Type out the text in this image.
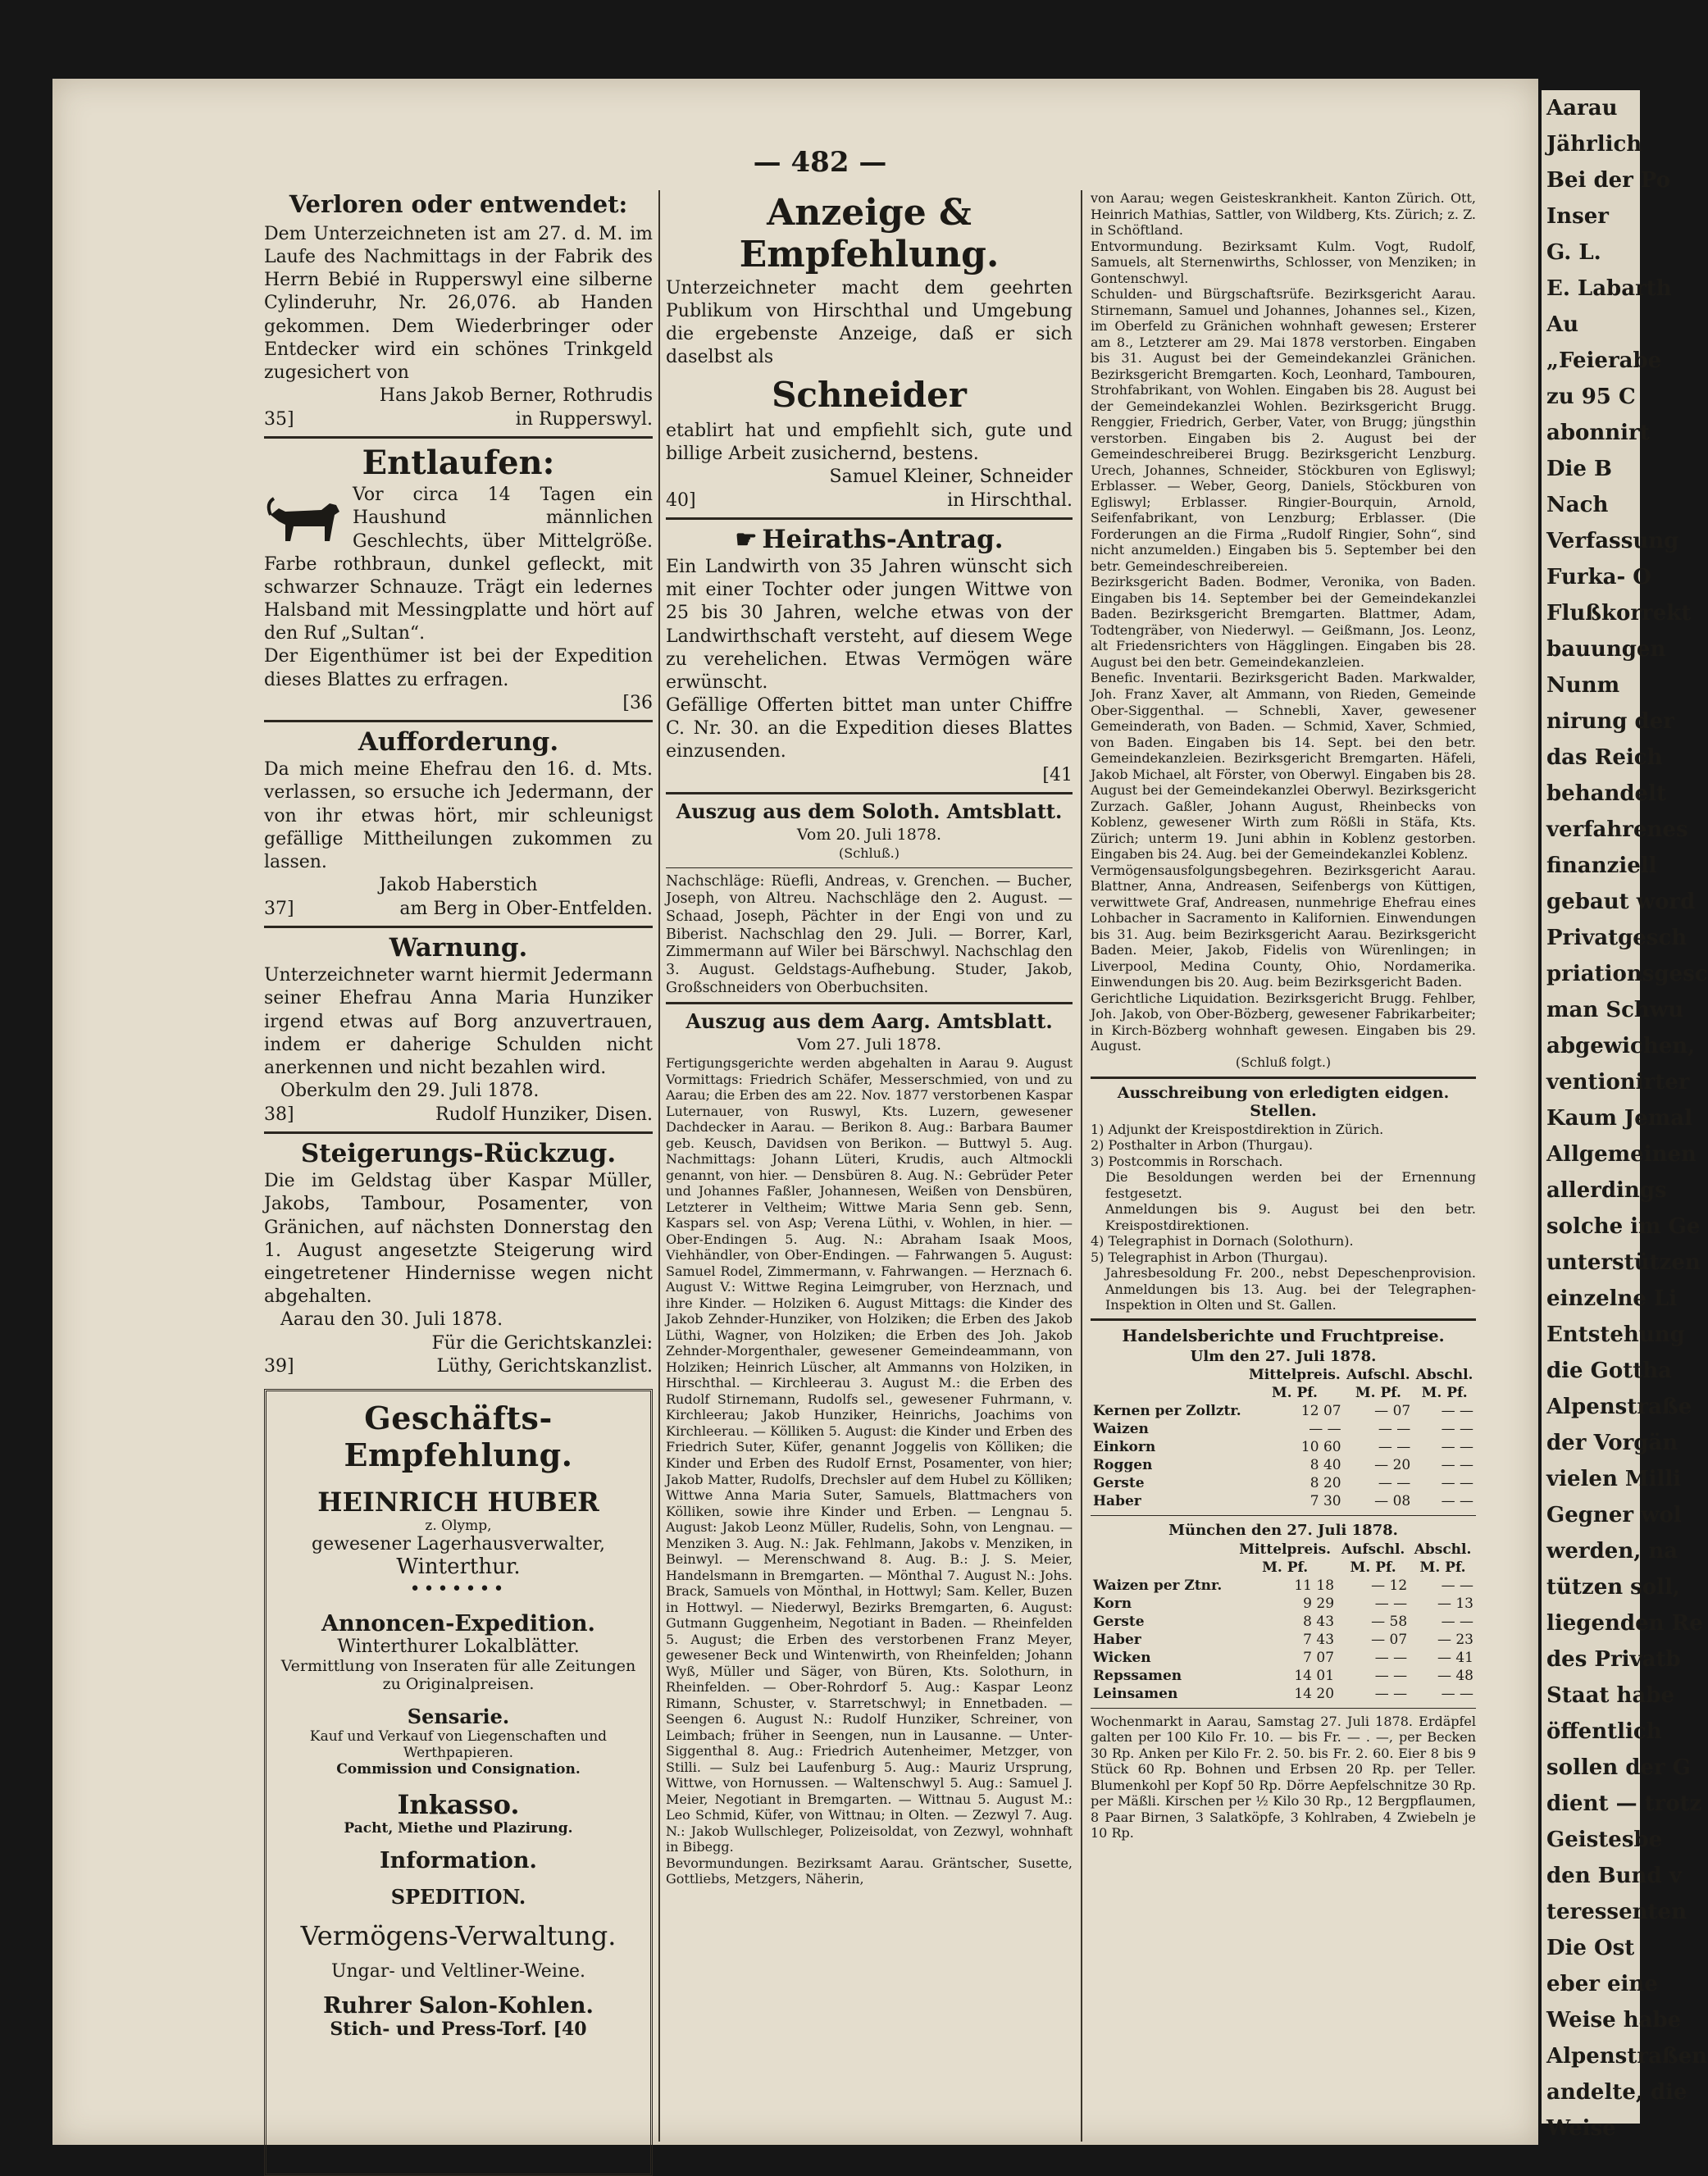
Aarau
Jährlich
Bei der Po
Inser
G. L.
E. Labarth
Au
„Feierabe
zu 95 C
abonnirt
Die B
Nach
Verfassung
Furka- O
Flußkorrekt
bauungen
Nunm
nirung der
das Reich
behandelt
verfahrenes
finanziell
gebaut word
Privatgesch
priationsgesc
man Schwu
abgewichen,
ventionirter
Kaum Jemal
Allgemeinen
allerdings
solche im Ge
unterstützen
einzelne Li
Entstehung
die Gottha
Alpenstraße
der Vorgän
vielen Milli
Gegner wol
werden, na
tützen soll,
liegenden Re
des Privatb
Staat habe
öffentlich
sollen der G
dient — trotz
Geistesbe
den Bund v
teressenten
Die Ost
eber eine
Weise habe
Alpenstraßen
andelte, die
Weise
— 482 —
Verloren oder entwendet:

Dem Unterzeichneten ist am 27. d. M. im Laufe des Nachmittags in der Fabrik des Herrn Bebié in Rupperswyl eine silberne Cylinderuhr, Nr. 26,076. ab Handen gekommen. Dem Wiederbringer oder Entdecker wird ein schönes Trinkgeld zugesichert von

Hans Jakob Berner, Rothrudis

35]	in Rupperswyl.

Entlaufen:

Vor circa 14 Tagen ein Haushund männlichen Geschlechts, über Mittelgröße. Farbe rothbraun, dunkel gefleckt, mit schwarzer Schnauze. Trägt ein ledernes Halsband mit Messingplatte und hört auf den Ruf „Sultan“.

Der Eigenthümer ist bei der Expedition dieses Blattes zu erfragen.

[36

Aufforderung.

Da mich meine Ehefrau den 16. d. Mts. verlassen, so ersuche ich Jedermann, der von ihr etwas hört, mir schleunigst gefällige Mittheilungen zukommen zu lassen.

Jakob Haberstich

37]	am Berg in Ober-Entfelden.

Warnung.

Unterzeichneter warnt hiermit Jedermann seiner Ehefrau Anna Maria Hunziker irgend etwas auf Borg anzuvertrauen, indem er daherige Schulden nicht anerkennen und nicht bezahlen wird.

Oberkulm den 29. Juli 1878.

38]	Rudolf Hunziker, Disen.

Steigerungs-Rückzug.

Die im Geldstag über Kaspar Müller, Jakobs, Tambour, Posamenter, von Gränichen, auf nächsten Donnerstag den 1. August angesetzte Steigerung wird eingetretener Hindernisse wegen nicht abgehalten.

Aarau den 30. Juli 1878.

Für die Gerichtskanzlei:

39]	Lüthy, Gerichtskanzlist.

Geschäfts-Empfehlung.
HEINRICH HUBER
z. Olymp,
gewesener Lagerhausverwalter,
Winterthur.
•••••••
Annoncen-Expedition.
Winterthurer Lokalblätter.
Vermittlung von Inseraten für alle Zeitungen zu Originalpreisen.
Sensarie.
Kauf und Verkauf von Liegenschaften und Werthpapieren.
Commission und Consignation.
Inkasso.
Pacht, Miethe und Plazirung.
Information.
SPEDITION.
Vermögens-Verwaltung.
Ungar- und Veltliner-Weine.
Ruhrer Salon-Kohlen.
Stich- und Press-Torf. [40
Anzeige & Empfehlung.

Unterzeichneter macht dem geehrten Publikum von Hirschthal und Umgebung die ergebenste Anzeige, daß er sich daselbst als

Schneider

etablirt hat und empfiehlt sich, gute und billige Arbeit zusichernd, bestens.

Samuel Kleiner, Schneider

40]	in Hirschthal.

☛ Heiraths-Antrag.

Ein Landwirth von 35 Jahren wünscht sich mit einer Tochter oder jungen Wittwe von 25 bis 30 Jahren, welche etwas von der Landwirthschaft versteht, auf diesem Wege zu verehelichen. Etwas Vermögen wäre erwünscht.

Gefällige Offerten bittet man unter Chiffre C. Nr. 30. an die Expedition dieses Blattes einzusenden.

[41

Auszug aus dem Soloth. Amtsblatt.

Vom 20. Juli 1878.

(Schluß.)

Nachschläge: Rüefli, Andreas, v. Grenchen. — Bucher, Joseph, von Altreu. Nachschläge den 2. August. — Schaad, Joseph, Pächter in der Engi von und zu Biberist. Nachschlag den 29. Juli. — Borrer, Karl, Zimmermann auf Wiler bei Bärschwyl. Nachschlag den 3. August. Geldstags-Aufhebung. Studer, Jakob, Großschneiders von Oberbuchsiten.

Auszug aus dem Aarg. Amtsblatt.

Vom 27. Juli 1878.

Fertigungsgerichte werden abgehalten in Aarau 9. August Vormittags: Friedrich Schäfer, Messerschmied, von und zu Aarau; die Erben des am 22. Nov. 1877 verstorbenen Kaspar Luternauer, von Ruswyl, Kts. Luzern, gewesener Dachdecker in Aarau. — Berikon 8. Aug.: Barbara Baumer geb. Keusch, Davidsen von Berikon. — Buttwyl 5. Aug. Nachmittags: Johann Lüteri, Krudis, auch Altmockli genannt, von hier. — Densbüren 8. Aug. N.: Gebrüder Peter und Johannes Faßler, Johannesen, Weißen von Densbüren, Letzterer in Veltheim; Wittwe Maria Senn geb. Senn, Kaspars sel. von Asp; Verena Lüthi, v. Wohlen, in hier. — Ober-Endingen 5. Aug. N.: Abraham Isaak Moos, Viehhändler, von Ober-Endingen. — Fahrwangen 5. August: Samuel Rodel, Zimmermann, v. Fahrwangen. — Herznach 6. August V.: Wittwe Regina Leimgruber, von Herznach, und ihre Kinder. — Holziken 6. August Mittags: die Kinder des Jakob Zehnder-Hunziker, von Holziken; die Erben des Jakob Lüthi, Wagner, von Holziken; die Erben des Joh. Jakob Zehnder-Morgenthaler, gewesener Gemeindeammann, von Holziken; Heinrich Lüscher, alt Ammanns von Holziken, in Hirschthal. — Kirchleerau 3. August M.: die Erben des Rudolf Stirnemann, Rudolfs sel., gewesener Fuhrmann, v. Kirchleerau; Jakob Hunziker, Heinrichs, Joachims von Kirchleerau. — Kölliken 5. August: die Kinder und Erben des Friedrich Suter, Küfer, genannt Joggelis von Kölliken; die Kinder und Erben des Rudolf Ernst, Posamenter, von hier; Jakob Matter, Rudolfs, Drechsler auf dem Hubel zu Kölliken; Wittwe Anna Maria Suter, Samuels, Blattmachers von Kölliken, sowie ihre Kinder und Erben. — Lengnau 5. August: Jakob Leonz Müller, Rudelis, Sohn, von Lengnau. — Menziken 3. Aug. N.: Jak. Fehlmann, Jakobs v. Menziken, in Beinwyl. — Merenschwand 8. Aug. B.: J. S. Meier, Handelsmann in Bremgarten. — Mönthal 7. August N.: Johs. Brack, Samuels von Mönthal, in Hottwyl; Sam. Keller, Buzen in Hottwyl. — Niederwyl, Bezirks Bremgarten, 6. August: Gutmann Guggenheim, Negotiant in Baden. — Rheinfelden 5. August; die Erben des verstorbenen Franz Meyer, gewesener Beck und Wintenwirth, von Rheinfelden; Johann Wyß, Müller und Säger, von Büren, Kts. Solothurn, in Rheinfelden. — Ober-Rohrdorf 5. Aug.: Kaspar Leonz Rimann, Schuster, v. Starretschwyl; in Ennetbaden. — Seengen 6. August N.: Rudolf Hunziker, Schreiner, von Leimbach; früher in Seengen, nun in Lausanne. — Unter-Siggenthal 8. Aug.: Friedrich Autenheimer, Metzger, von Stilli. — Sulz bei Laufenburg 5. Aug.: Mauriz Ursprung, Wittwe, von Hornussen. — Waltenschwyl 5. Aug.: Samuel J. Meier, Negotiant in Bremgarten. — Wittnau 5. August M.: Leo Schmid, Küfer, von Wittnau; in Olten. — Zezwyl 7. Aug. N.: Jakob Wullschleger, Polizeisoldat, von Zezwyl, wohnhaft in Bibegg.

Bevormundungen. Bezirksamt Aarau. Gräntscher, Susette, Gottliebs, Metzgers, Näherin,

von Aarau; wegen Geisteskrankheit. Kanton Zürich. Ott, Heinrich Mathias, Sattler, von Wildberg, Kts. Zürich; z. Z. in Schöftland.

Entvormundung. Bezirksamt Kulm. Vogt, Rudolf, Samuels, alt Sternenwirths, Schlosser, von Menziken; in Gontenschwyl.

Schulden- und Bürgschaftsrüfe. Bezirksgericht Aarau. Stirnemann, Samuel und Johannes, Johannes sel., Kizen, im Oberfeld zu Gränichen wohnhaft gewesen; Ersterer am 8., Letzterer am 29. Mai 1878 verstorben. Eingaben bis 31. August bei der Gemeindekanzlei Gränichen. Bezirksgericht Bremgarten. Koch, Leonhard, Tambouren, Strohfabrikant, von Wohlen. Eingaben bis 28. August bei der Gemeindekanzlei Wohlen. Bezirksgericht Brugg. Renggier, Friedrich, Gerber, Vater, von Brugg; jüngsthin verstorben. Eingaben bis 2. August bei der Gemeindeschreiberei Brugg. Bezirksgericht Lenzburg. Urech, Johannes, Schneider, Stöckburen von Egliswyl; Erblasser. — Weber, Georg, Daniels, Stöckburen von Egliswyl; Erblasser. Ringier-Bourquin, Arnold, Seifenfabrikant, von Lenzburg; Erblasser. (Die Forderungen an die Firma „Rudolf Ringier, Sohn“, sind nicht anzumelden.) Eingaben bis 5. September bei den betr. Gemeindeschreibereien.

Bezirksgericht Baden. Bodmer, Veronika, von Baden. Eingaben bis 14. September bei der Gemeindekanzlei Baden. Bezirksgericht Bremgarten. Blattmer, Adam, Todtengräber, von Niederwyl. — Geißmann, Jos. Leonz, alt Friedensrichters von Hägglingen. Eingaben bis 28. August bei den betr. Gemeindekanzleien.

Benefic. Inventarii. Bezirksgericht Baden. Markwalder, Joh. Franz Xaver, alt Ammann, von Rieden, Gemeinde Ober-Siggenthal. — Schnebli, Xaver, gewesener Gemeinderath, von Baden. — Schmid, Xaver, Schmied, von Baden. Eingaben bis 14. Sept. bei den betr. Gemeindekanzleien. Bezirksgericht Bremgarten. Häfeli, Jakob Michael, alt Förster, von Oberwyl. Eingaben bis 28. August bei der Gemeindekanzlei Oberwyl. Bezirksgericht Zurzach. Gaßler, Johann August, Rheinbecks von Koblenz, gewesener Wirth zum Rößli in Stäfa, Kts. Zürich; unterm 19. Juni abhin in Koblenz gestorben. Eingaben bis 24. Aug. bei der Gemeindekanzlei Koblenz.

Vermögensausfolgungsbegehren. Bezirksgericht Aarau. Blattner, Anna, Andreasen, Seifenbergs von Küttigen, verwittwete Graf, Andreasen, nunmehrige Ehefrau eines Lohbacher in Sacramento in Kalifornien. Einwendungen bis 31. Aug. beim Bezirksgericht Aarau. Bezirksgericht Baden. Meier, Jakob, Fidelis von Würenlingen; in Liverpool, Medina County, Ohio, Nordamerika. Einwendungen bis 20. Aug. beim Bezirksgericht Baden.

Gerichtliche Liquidation. Bezirksgericht Brugg. Fehlber, Joh. Jakob, von Ober-Bözberg, gewesener Fabrikarbeiter; in Kirch-Bözberg wohnhaft gewesen. Eingaben bis 29. August.

(Schluß folgt.)

Ausschreibung von erledigten eidgen. Stellen.

1) Adjunkt der Kreispostdirektion in Zürich.

2) Posthalter in Arbon (Thurgau).

3) Postcommis in Rorschach.

Die Besoldungen werden bei der Ernennung festgesetzt.

Anmeldungen bis 9. August bei den betr. Kreispostdirektionen.

4) Telegraphist in Dornach (Solothurn).

5) Telegraphist in Arbon (Thurgau).

Jahresbesoldung Fr. 200., nebst Depeschenprovision. Anmeldungen bis 13. Aug. bei der Telegraphen-Inspektion in Olten und St. Gallen.

Handelsberichte und Fruchtpreise.

Ulm den 27. Juli 1878.

	Mittelpreis.	Aufschl.	Abschl.
	M. Pf.	M. Pf.	M. Pf.
Kernen per Zollztr.	12 07	— 07	— —
Waizen	— —	— —	— —
Einkorn	10 60	— —	— —
Roggen	8 40	— 20	— —
Gerste	8 20	— —	— —
Haber	7 30	— 08	— —

München den 27. Juli 1878.

	Mittelpreis.	Aufschl.	Abschl.
	M. Pf.	M. Pf.	M. Pf.
Waizen per Ztnr.	11 18	— 12	— —
Korn	9 29	— —	— 13
Gerste	8 43	— 58	— —
Haber	7 43	— 07	— 23
Wicken	7 07	— —	— 41
Repssamen	14 01	— —	— 48
Leinsamen	14 20	— —	— —

Wochenmarkt in Aarau, Samstag 27. Juli 1878. Erdäpfel galten per 100 Kilo Fr. 10. — bis Fr. — . —, per Becken 30 Rp. Anken per Kilo Fr. 2. 50. bis Fr. 2. 60. Eier 8 bis 9 Stück 60 Rp. Bohnen und Erbsen 20 Rp. per Teller. Blumenkohl per Kopf 50 Rp. Dörre Aepfelschnitze 30 Rp. per Mäßli. Kirschen per ½ Kilo 30 Rp., 12 Bergpflaumen, 8 Paar Birnen, 3 Salatköpfe, 3 Kohlraben, 4 Zwiebeln je 10 Rp.
